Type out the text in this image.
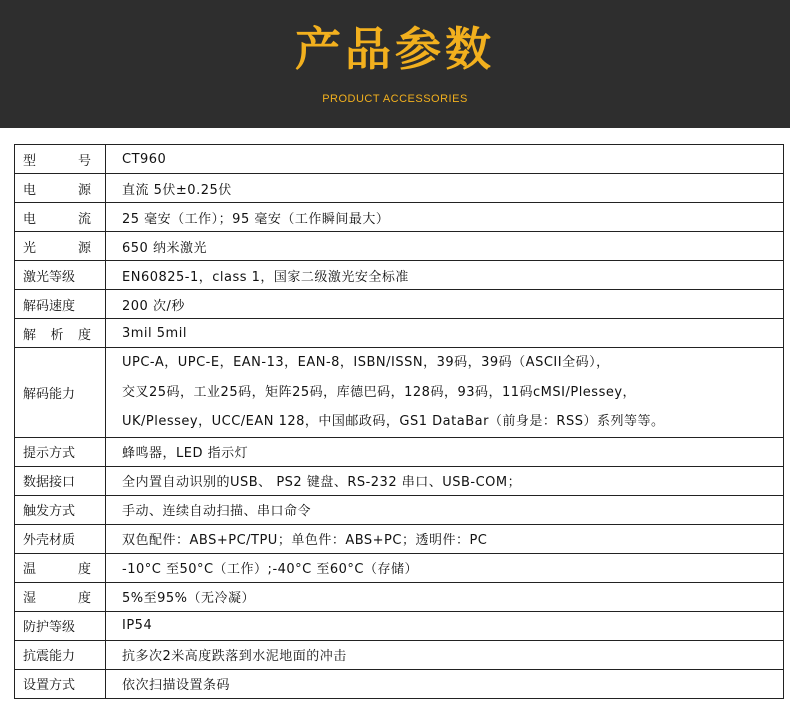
产品参数
PRODUCT ACCESSORIES
型 号	CT960

电 源	直流 5伏±0.25伏

电 流	25 毫安（工作）；95 毫安（工作瞬间最大）

光 源	650 纳米激光

激光等级	EN60825-1，class 1，国家二级激光安全标准

解码速度	200 次/秒

解 析 度	3mil 5mil

解码能力	UPC-A，UPC-E，EAN-13，EAN-8，ISBN/ISSN，39码，39码（ASCII全码），
交叉25码，工业25码，矩阵25码，库德巴码，128码，93码，11码cMSI/Plessey，
UK/Plessey，UCC/EAN 128，中国邮政码，GS1 DataBar（前身是：RSS）系列等等。

提示方式	蜂鸣器，LED 指示灯

数据接口	全内置自动识别的USB、 PS2 键盘、RS-232 串口、USB-COM；

触发方式	手动、连续自动扫描、串口命令

外壳材质	双色配件：ABS+PC/TPU；单色件：ABS+PC；透明件：PC

温 度	-10°C 至50°C（工作）;-40°C 至60°C（存储）

湿 度	5%至95%（无冷凝）

防护等级	IP54

抗震能力	抗多次2米高度跌落到水泥地面的冲击

设置方式	依次扫描设置条码
